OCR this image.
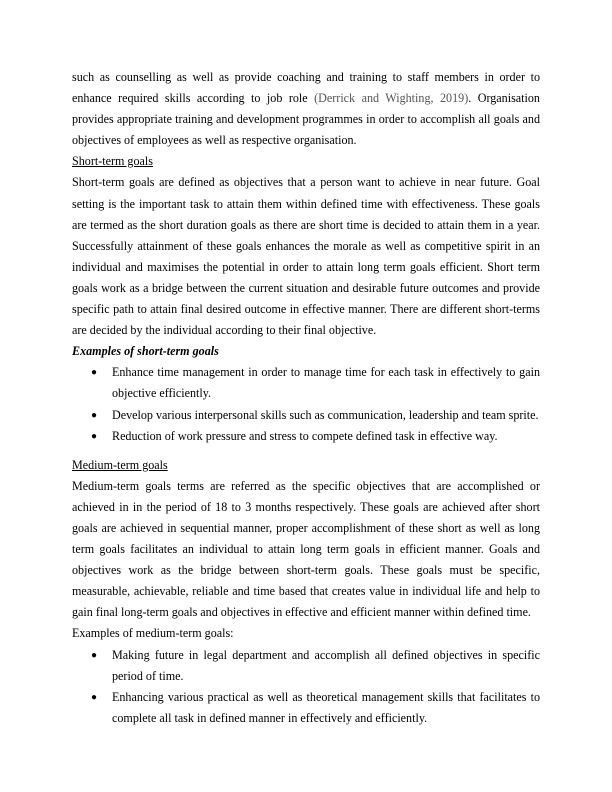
such as counselling as well as provide coaching and training to staff members in order to enhance required skills according to job role (Derrick and Wighting, 2019). Organisation provides appropriate training and development programmes in order to accomplish all goals and objectives of employees as well as respective organisation.

Short-term goals

Short-term goals are defined as objectives that a person want to achieve in near future. Goal setting is the important task to attain them within defined time with effectiveness. These goals are termed as the short duration goals as there are short time is decided to attain them in a year. Successfully attainment of these goals enhances the morale as well as competitive spirit in an individual and maximises the potential in order to attain long term goals efficient. Short term goals work as a bridge between the current situation and desirable future outcomes and provide specific path to attain final desired outcome in effective manner. There are different short-terms are decided by the individual according to their final objective.

Examples of short-term goals

● Enhance time management in order to manage time for each task in effectively to gain objective efficiently.
● Develop various interpersonal skills such as communication, leadership and team sprite.
● Reduction of work pressure and stress to compete defined task in effective way.

Medium-term goals

Medium-term goals terms are referred as the specific objectives that are accomplished or achieved in in the period of 18 to 3 months respectively. These goals are achieved after short goals are achieved in sequential manner, proper accomplishment of these short as well as long term goals facilitates an individual to attain long term goals in efficient manner. Goals and objectives work as the bridge between short-term goals. These goals must be specific, measurable, achievable, reliable and time based that creates value in individual life and help to gain final long-term goals and objectives in effective and efficient manner within defined time.

Examples of medium-term goals:

● Making future in legal department and accomplish all defined objectives in specific period of time.
● Enhancing various practical as well as theoretical management skills that facilitates to complete all task in defined manner in effectively and efficiently.
